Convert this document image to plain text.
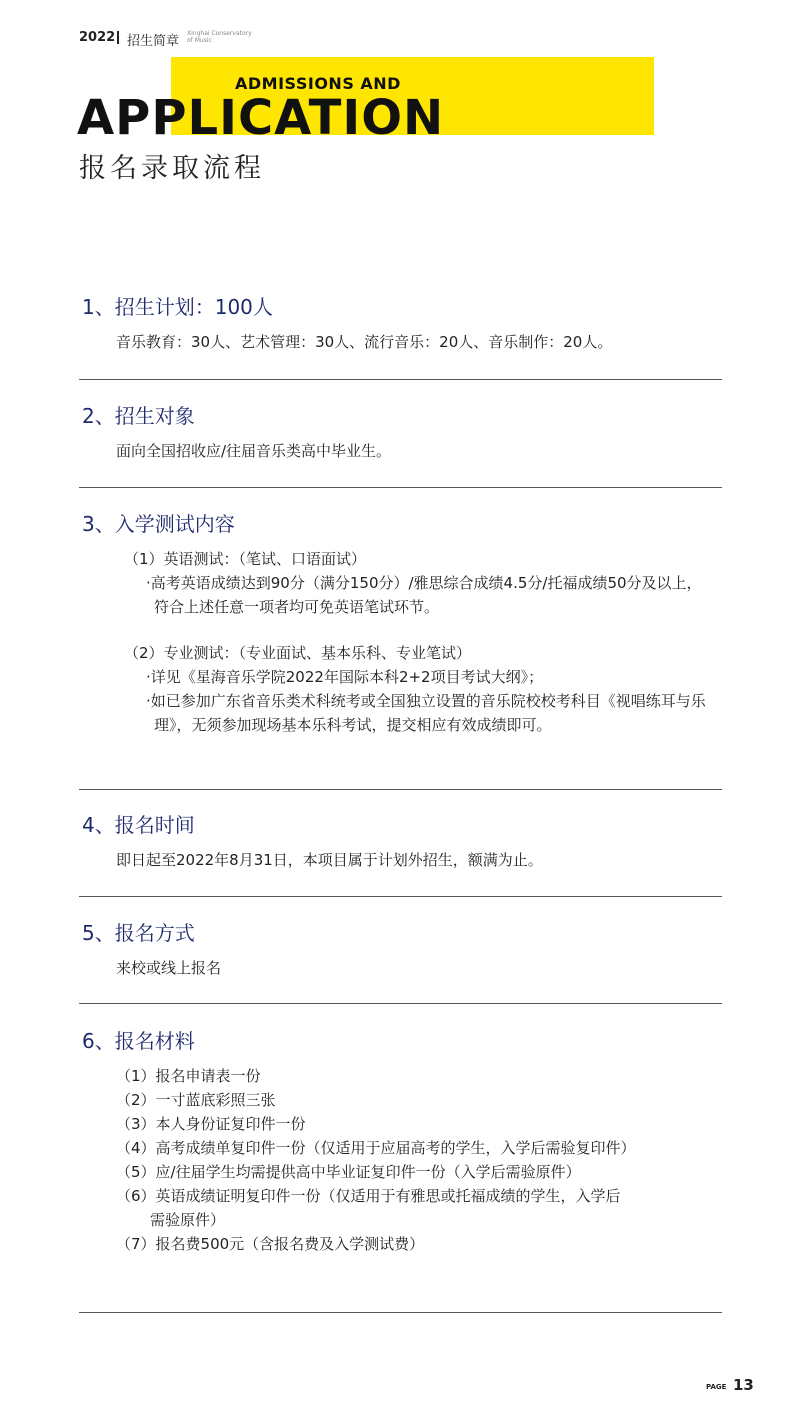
2022 招生简章
Xinghai Conservatory
of Music
ADMISSIONS AND
APPLICATION
报名录取流程
1、招生计划：100人
音乐教育：30人、艺术管理：30人、流行音乐：20人、音乐制作：20人。
2、招生对象
面向全国招收应/往届音乐类高中毕业生。
3、入学测试内容
（1）英语测试：（笔试、口语面试）
·高考英语成绩达到90分（满分150分）/雅思综合成绩4.5分/托福成绩50分及以上，符合上述任意一项者均可免英语笔试环节。
（2）专业测试：（专业面试、基本乐科、专业笔试）
·详见《星海音乐学院2022年国际本科2+2项目考试大纲》；
·如已参加广东省音乐类术科统考或全国独立设置的音乐院校校考科目《视唱练耳与乐理》，无须参加现场基本乐科考试，提交相应有效成绩即可。
4、报名时间
即日起至2022年8月31日，本项目属于计划外招生，额满为止。
5、报名方式
来校或线上报名
6、报名材料
（1）报名申请表一份
（2）一寸蓝底彩照三张
（3）本人身份证复印件一份
（4）高考成绩单复印件一份（仅适用于应届高考的学生，入学后需验复印件）
（5）应/往届学生均需提供高中毕业证复印件一份（入学后需验原件）
（6）英语成绩证明复印件一份（仅适用于有雅思或托福成绩的学生，入学后
需验原件）
（7）报名费500元（含报名费及入学测试费）
PAGE 13
